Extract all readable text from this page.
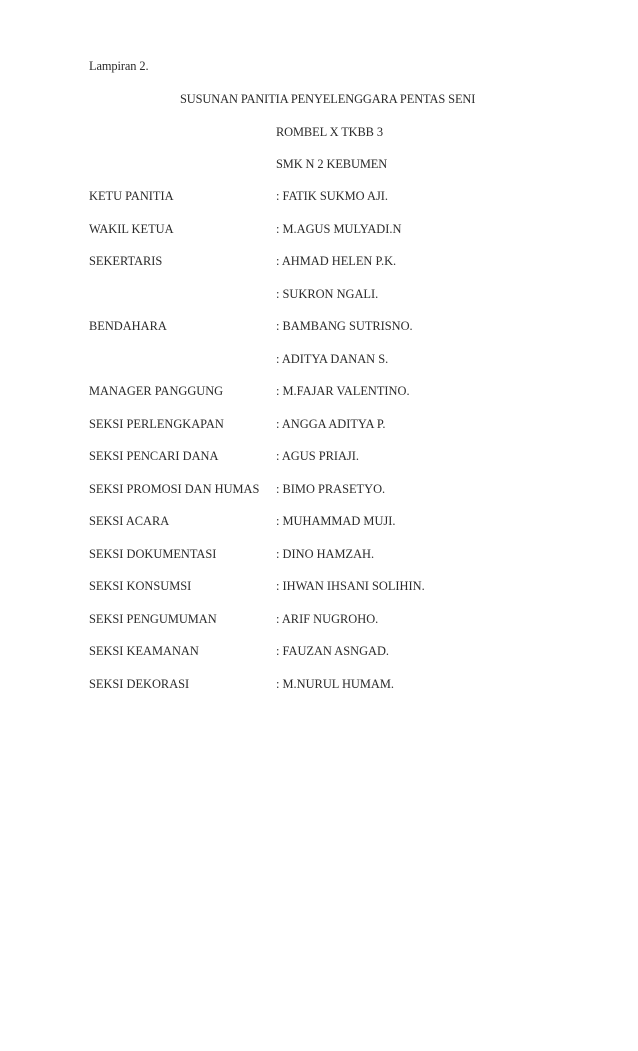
Lampiran 2.
SUSUNAN PANITIA PENYELENGGARA PENTAS SENI
ROMBEL X TKBB 3
SMK N 2 KEBUMEN
KETU PANITIA	: FATIK SUKMO AJI.
WAKIL KETUA	: M.AGUS MULYADI.N
SEKERTARIS	: AHMAD HELEN P.K.
: SUKRON NGALI.
BENDAHARA	: BAMBANG SUTRISNO.
: ADITYA DANAN S.
MANAGER PANGGUNG	: M.FAJAR VALENTINO.
SEKSI PERLENGKAPAN	: ANGGA ADITYA P.
SEKSI PENCARI DANA	: AGUS PRIAJI.
SEKSI PROMOSI DAN HUMAS : BIMO PRASETYO.
SEKSI ACARA	: MUHAMMAD MUJI.
SEKSI DOKUMENTASI	: DINO HAMZAH.
SEKSI KONSUMSI	: IHWAN IHSANI SOLIHIN.
SEKSI PENGUMUMAN	: ARIF NUGROHO.
SEKSI KEAMANAN	: FAUZAN ASNGAD.
SEKSI DEKORASI	: M.NURUL HUMAM.
